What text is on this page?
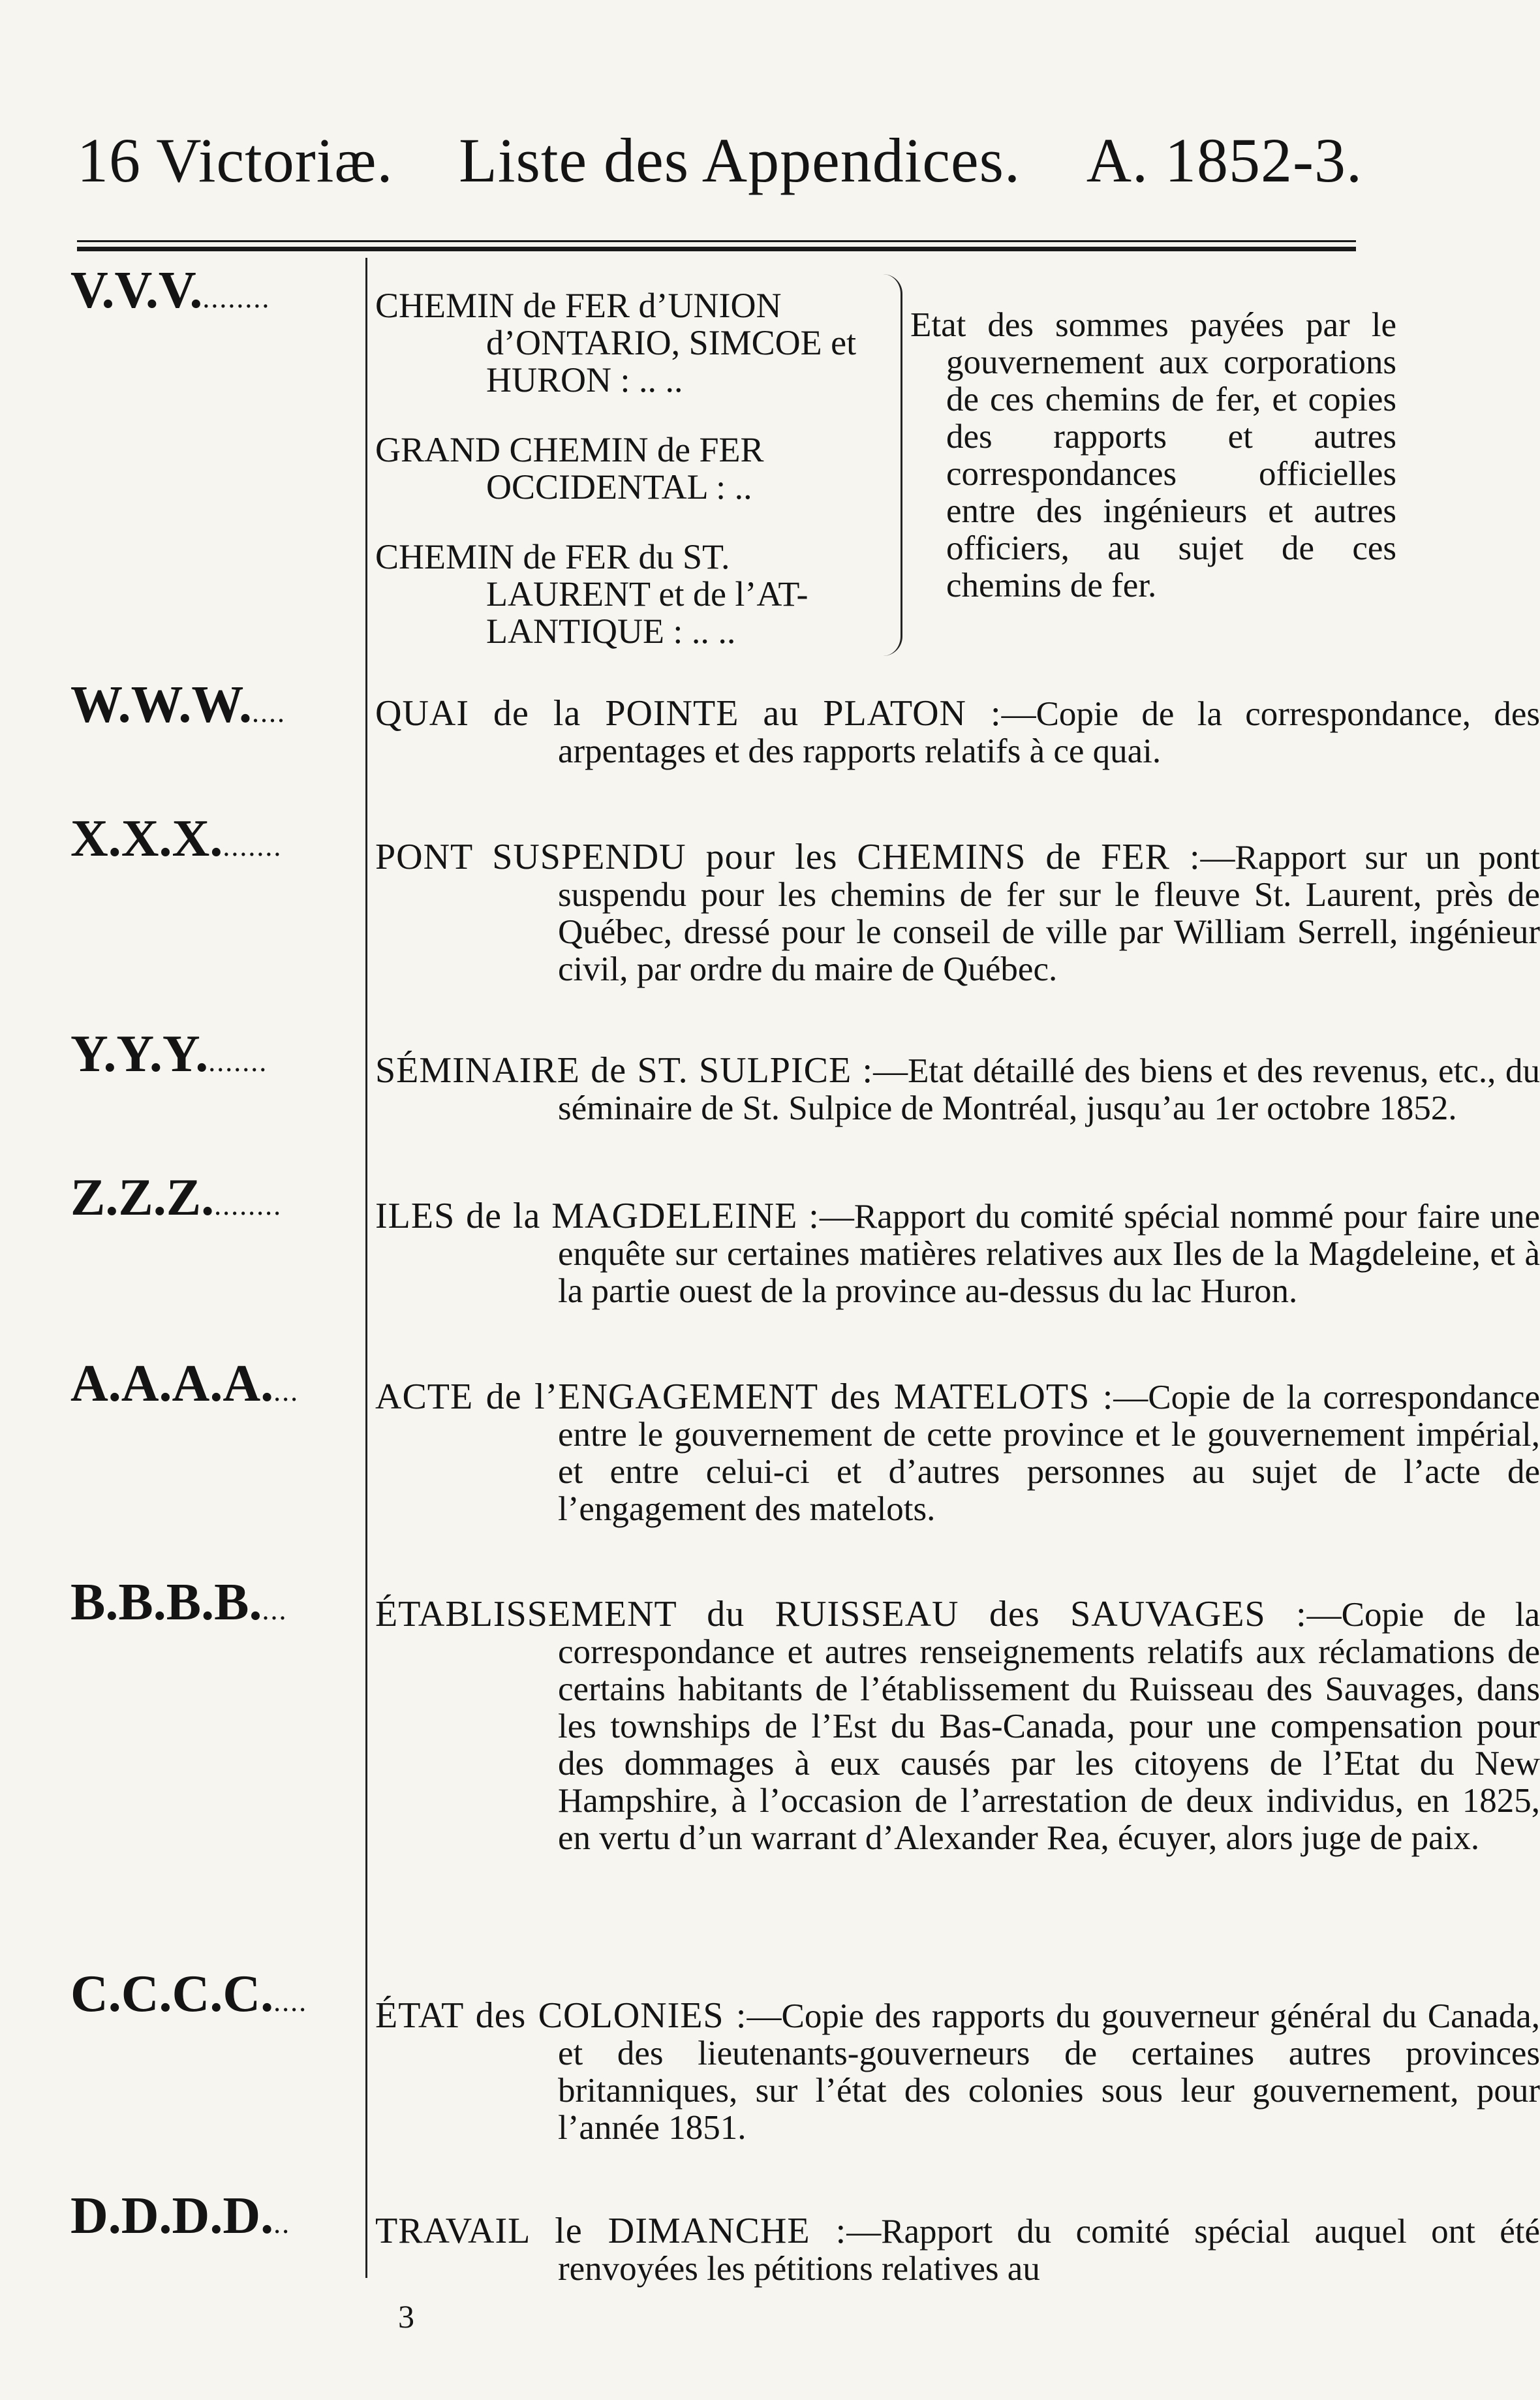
16 Victoriæ. Liste des Appendices. A. 1852-3.
V.V.V.........	CHEMIN de FER d’UNION d’ONTARIO, SIMCOE et HURON : .. ..
GRAND CHEMIN de FER OCCIDENTAL : ..
CHEMIN de FER du ST. LAURENT et de l’AT-LANTIQUE : .. ..
Etat des sommes payées par le gouvernement aux corporations de ces chemins de fer, et copies des rapports et autres correspondances officielles entre des ingénieurs et autres officiers, au sujet de ces chemins de fer.
W.W.W.....	QUAI de la POINTE au PLATON :—Copie de la correspondance, des arpentages et des rapports relatifs à ce quai.
X.X.X........	PONT SUSPENDU pour les CHEMINS de FER :—Rapport sur un pont suspendu pour les chemins de fer sur le fleuve St. Laurent, près de Québec, dressé pour le conseil de ville par William Serrell, ingénieur civil, par ordre du maire de Québec.
Y.Y.Y........	SÉMINAIRE de ST. SULPICE :—Etat détaillé des biens et des revenus, etc., du séminaire de St. Sulpice de Montréal, jusqu’au 1er octobre 1852.
Z.Z.Z.........	ILES de la MAGDELEINE :—Rapport du comité spécial nommé pour faire une enquête sur certaines matières relatives aux Iles de la Magdeleine, et à la partie ouest de la province au-dessus du lac Huron.
A.A.A.A....	ACTE de l’ENGAGEMENT des MATELOTS :—Copie de la correspondance entre le gouvernement de cette province et le gouvernement impérial, et entre celui-ci et d’autres personnes au sujet de l’acte de l’engagement des matelots.
B.B.B.B....	ÉTABLISSEMENT du RUISSEAU des SAUVAGES :—Copie de la correspondance et autres renseignements relatifs aux réclamations de certains habitants de l’établissement du Ruisseau des Sauvages, dans les townships de l’Est du Bas-Canada, pour une compensation pour des dommages à eux causés par les citoyens de l’Etat du New Hampshire, à l’occasion de l’arrestation de deux individus, en 1825, en vertu d’un warrant d’Alexander Rea, écuyer, alors juge de paix.
C.C.C.C.....	ÉTAT des COLONIES :—Copie des rapports du gouverneur général du Canada, et des lieutenants-gouverneurs de certaines autres provinces britanniques, sur l’état des colonies sous leur gouvernement, pour l’année 1851.
D.D.D.D...	TRAVAIL le DIMANCHE :—Rapport du comité spécial auquel ont été renvoyées les pétitions relatives au
3
